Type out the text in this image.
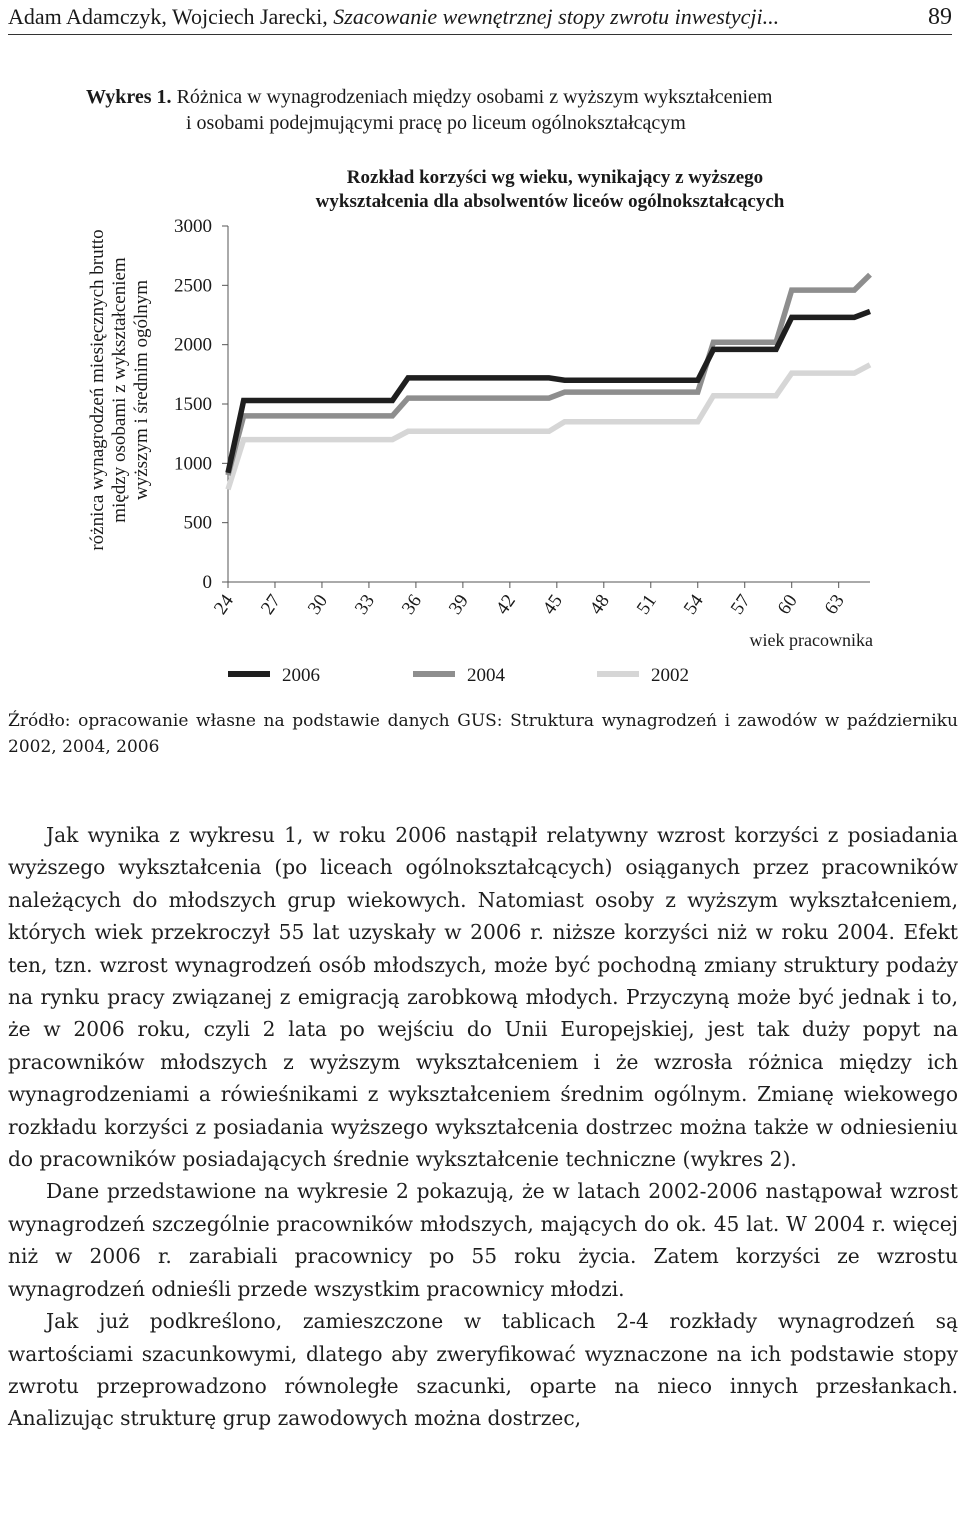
Adam Adamczyk, Wojciech Jarecki, Szacowanie wewnętrznej stopy zwrotu inwestycji...	89
Wykres 1. Różnica w wynagrodzeniach między osobami z wyższym wykształceniem
i osobami podejmującymi pracę po liceum ogólnokształcącym
Rozkład korzyści wg wieku, wynikający z wyższego
wykształcenia dla absolwentów liceów ogólnokształcących
różnica wynagrodzeń miesięcznych brutto między osobami z wykształceniem wyższym i średnim ogólnym
0
500
1000
1500
2000
2500
3000
24 27 30 33 36 39 42 45 48 51 54 57 60 63
wiek pracownika
2006	2004	2002
Źródło: opracowanie własne na podstawie danych GUS: Struktura wynagrodzeń i zawodów w październiku 2002, 2004, 2006

Jak wynika z wykresu 1, w roku 2006 nastąpił relatywny wzrost korzyści z posiadania wyższego wykształcenia (po liceach ogólnokształcących) osiąganych przez pracowników należących do młodszych grup wiekowych. Natomiast osoby z wyższym wykształceniem, których wiek przekroczył 55 lat uzyskały w 2006 r. niższe korzyści niż w roku 2004. Efekt ten, tzn. wzrost wynagrodzeń osób młodszych, może być pochodną zmiany struktury podaży na rynku pracy związanej z emigracją zarobkową młodych. Przyczyną może być jednak i to, że w 2006 roku, czyli 2 lata po wejściu do Unii Europejskiej, jest tak duży popyt na pracowników młodszych z wyższym wykształceniem i że wzrosła różnica między ich wynagrodzeniami a rówieśnikami z wykształceniem średnim ogólnym. Zmianę wiekowego rozkładu korzyści z posiadania wyższego wykształcenia dostrzec można także w odniesieniu do pracowników posiadających średnie wykształcenie techniczne (wykres 2).

Dane przedstawione na wykresie 2 pokazują, że w latach 2002-2006 nastąpował wzrost wynagrodzeń szczególnie pracowników młodszych, mających do ok. 45 lat. W 2004 r. więcej niż w 2006 r. zarabiali pracownicy po 55 roku życia. Zatem korzyści ze wzrostu wynagrodzeń odnieśli przede wszystkim pracownicy młodzi.

Jak już podkreślono, zamieszczone w tablicach 2-4 rozkłady wynagrodzeń są wartościami szacunkowymi, dlatego aby zweryfikować wyznaczone na ich podstawie stopy zwrotu przeprowadzono równoległe szacunki, oparte na nieco innych przesłankach. Analizując strukturę grup zawodowych można dostrzec,
